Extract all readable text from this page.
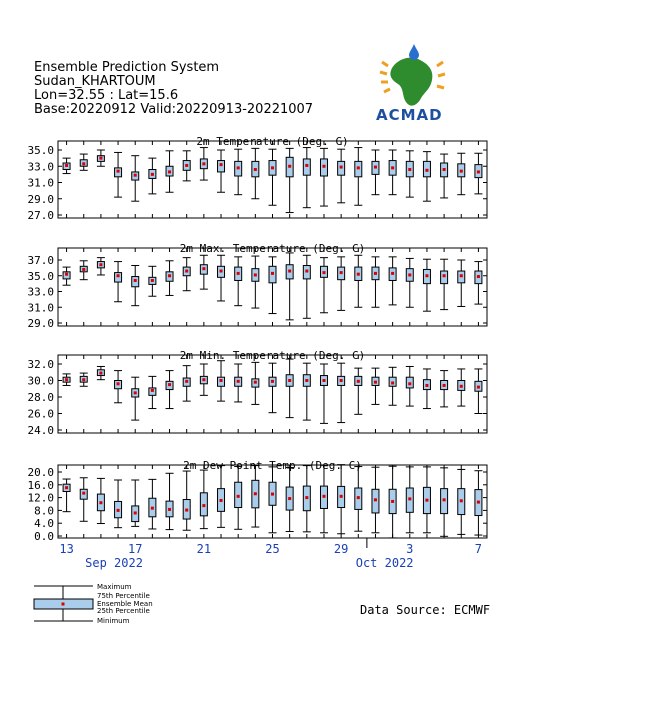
2m Temperature (Deg. C)
35.0
33.0
31.0
29.0
27.0
2m Max. Temperature (Deg. C)
37.0
35.0
33.0
31.0
29.0
2m Min. Temperature (Deg. C)
32.0
30.0
28.0
26.0
24.0
2m Dew Point Temp. (Deg. C)
20.0
16.0
12.0
8.0
4.0
0.0
13	17	21	25	29	3	7
Sep 2022	Oct 2022
Maximum
75th Percentile
Ensemble Mean
25th Percentile
Minimum
Data Source: ECMWF
Ensemble Prediction System
Sudan_KHARTOUM
Lon=32.55 : Lat=15.6
Base:20220912 Valid:20220913-20221007	ACMAD
